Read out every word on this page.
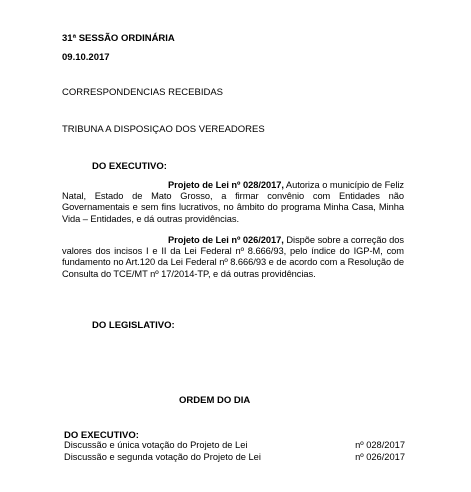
31ª SESSÃO ORDINÁRIA
09.10.2017
CORRESPONDENCIAS RECEBIDAS
TRIBUNA A DISPOSIÇAO DOS VEREADORES
DO EXECUTIVO:
Projeto de Lei nº 028/2017, Autoriza o município de Feliz Natal, Estado de Mato Grosso, a firmar convênio com Entidades não Governamentais e sem fins lucrativos, no âmbito do programa Minha Casa, Minha Vida – Entidades, e dá outras providências.
Projeto de Lei nº 026/2017, Dispõe sobre a correção dos valores dos incisos I e II da Lei Federal nº 8.666/93, pelo índice do IGP-M, com fundamento no Art.120 da Lei Federal nº 8.666/93 e de acordo com a Resolução de Consulta do TCE/MT nº 17/2014-TP, e dá outras providências.
DO LEGISLATIVO:
ORDEM DO DIA
DO EXECUTIVO:
Discussão e única votação do Projeto de Lei	nº 028/2017
Discussão e segunda votação do Projeto de Lei	nº 026/2017
